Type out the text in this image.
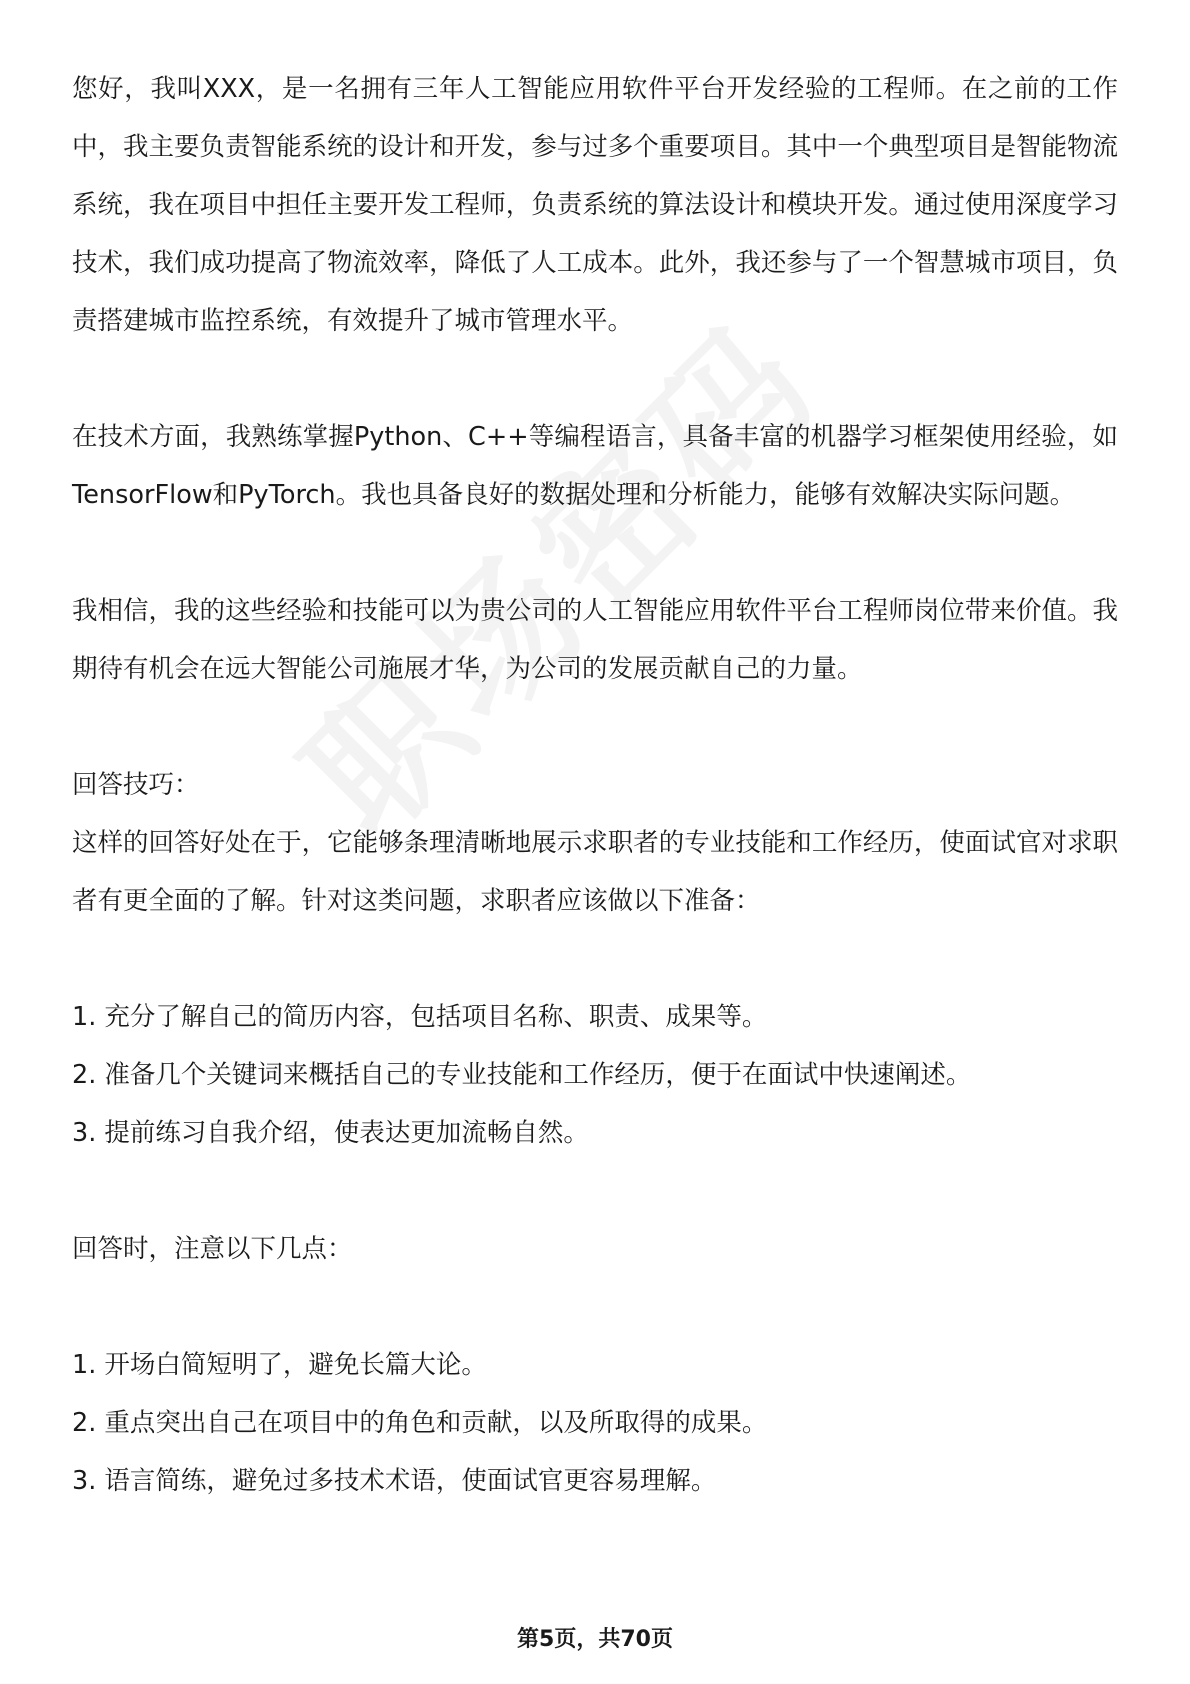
您好，我叫XXX，是一名拥有三年人工智能应用软件平台开发经验的工程师。在之前的工作中，我主要负责智能系统的设计和开发，参与过多个重要项目。其中一个典型项目是智能物流系统，我在项目中担任主要开发工程师，负责系统的算法设计和模块开发。通过使用深度学习技术，我们成功提高了物流效率，降低了人工成本。此外，我还参与了一个智慧城市项目，负责搭建城市监控系统，有效提升了城市管理水平。

在技术方面，我熟练掌握Python、C++等编程语言，具备丰富的机器学习框架使用经验，如TensorFlow和PyTorch。我也具备良好的数据处理和分析能力，能够有效解决实际问题。

我相信，我的这些经验和技能可以为贵公司的人工智能应用软件平台工程师岗位带来价值。我期待有机会在远大智能公司施展才华，为公司的发展贡献自己的力量。

回答技巧：

这样的回答好处在于，它能够条理清晰地展示求职者的专业技能和工作经历，使面试官对求职者有更全面的了解。针对这类问题，求职者应该做以下准备：

1. 充分了解自己的简历内容，包括项目名称、职责、成果等。

2. 准备几个关键词来概括自己的专业技能和工作经历，便于在面试中快速阐述。

3. 提前练习自我介绍，使表达更加流畅自然。

回答时，注意以下几点：

1. 开场白简短明了，避免长篇大论。

2. 重点突出自己在项目中的角色和贡献，以及所取得的成果。

3. 语言简练，避免过多技术术语，使面试官更容易理解。

第5页，共70页
